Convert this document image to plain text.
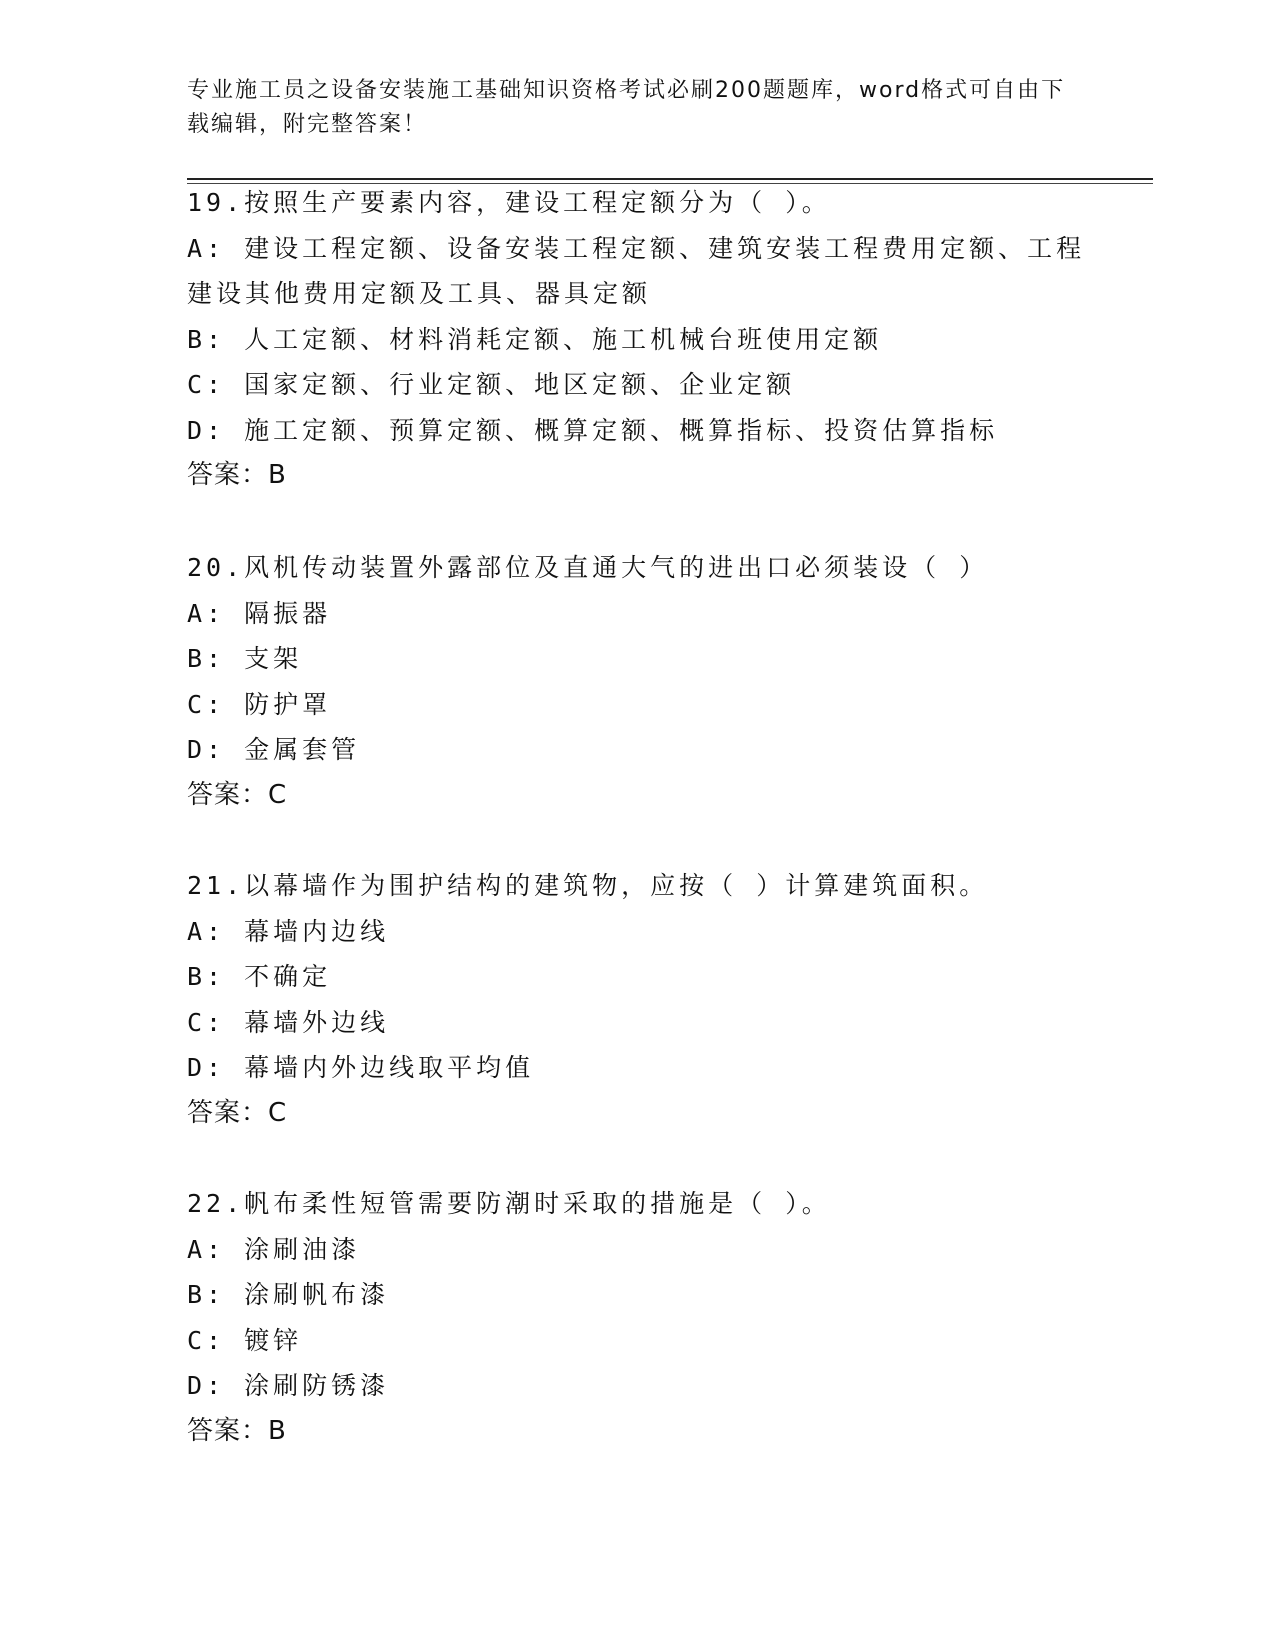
专业施工员之设备安装施工基础知识资格考试必刷200题题库，word格式可自由下载编辑，附完整答案！
19.按照生产要素内容，建设工程定额分为（ ）。
A: 建设工程定额、设备安装工程定额、建筑安装工程费用定额、工程建设其他费用定额及工具、器具定额
B: 人工定额、材料消耗定额、施工机械台班使用定额
C: 国家定额、行业定额、地区定额、企业定额
D: 施工定额、预算定额、概算定额、概算指标、投资估算指标
答案：B
20.风机传动装置外露部位及直通大气的进出口必须装设（ ）
A: 隔振器
B: 支架
C: 防护罩
D: 金属套管
答案：C
21.以幕墙作为围护结构的建筑物，应按（ ）计算建筑面积。
A: 幕墙内边线
B: 不确定
C: 幕墙外边线
D: 幕墙内外边线取平均值
答案：C
22.帆布柔性短管需要防潮时采取的措施是（ ）。
A: 涂刷油漆
B: 涂刷帆布漆
C: 镀锌
D: 涂刷防锈漆
答案：B
